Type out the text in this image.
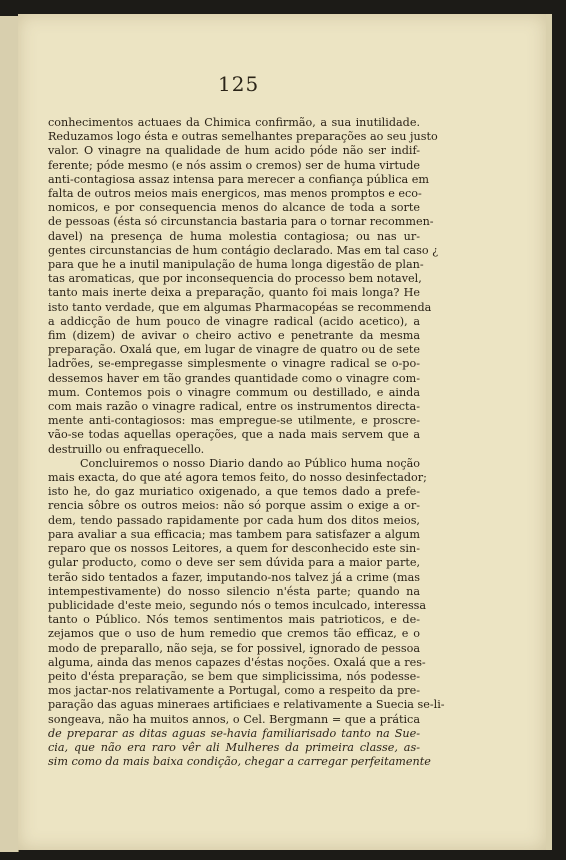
125
conhecimentos actuaes da Chimica confirmão, a sua inutilidade.
Reduzamos logo ésta e outras semelhantes preparações ao seu justo
valor. O vinagre na qualidade de hum acido póde não ser indif-
ferente; póde mesmo (e nós assim o cremos) ser de huma virtude
anti-contagiosa assaz intensa para merecer a confiança pública em
falta de outros meios mais energicos, mas menos promptos e eco-
nomicos, e por consequencia menos do alcance de toda a sorte
de pessoas (ésta só circunstancia bastaria para o tornar recommen-
davel) na presença de huma molestia contagiosa; ou nas ur-
gentes circunstancias de hum contágio declarado. Mas em tal caso ¿
para que he a inutil manipulação de huma longa digestão de plan-
tas aromaticas, que por inconsequencia do processo bem notavel,
tanto mais inerte deixa a preparação, quanto foi mais longa? He
isto tanto verdade, que em algumas Pharmacopéas se recommenda
a addicção de hum pouco de vinagre radical (acido acetico), a
fim (dizem) de avivar o cheiro activo e penetrante da mesma
preparação. Oxalá que, em lugar de vinagre de quatro ou de sete
ladrões, se-empregasse simplesmente o vinagre radical se o-po-
dessemos haver em tão grandes quantidade como o vinagre com-
mum. Contemos pois o vinagre commum ou destillado, e ainda
com mais razão o vinagre radical, entre os instrumentos directa-
mente anti-contagiosos: mas empregue-se utilmente, e proscre-
vão-se todas aquellas operações, que a nada mais servem que a
destruillo ou enfraquecello.
Concluiremos o nosso Diario dando ao Público huma noção
mais exacta, do que até agora temos feito, do nosso desinfectador;
isto he, do gaz muriatico oxigenado, a que temos dado a prefe-
rencia sôbre os outros meios: não só porque assim o exige a or-
dem, tendo passado rapidamente por cada hum dos ditos meios,
para avaliar a sua efficacia; mas tambem para satisfazer a algum
reparo que os nossos Leitores, a quem for desconhecido este sin-
gular producto, como o deve ser sem dúvida para a maior parte,
terão sido tentados a fazer, imputando-nos talvez já a crime (mas
intempestivamente) do nosso silencio n'ésta parte; quando na
publicidade d'este meio, segundo nós o temos inculcado, interessa
tanto o Público. Nós temos sentimentos mais patrioticos, e de-
zejamos que o uso de hum remedio que cremos tão efficaz, e o
modo de preparallo, não seja, se for possivel, ignorado de pessoa
alguma, ainda das menos capazes d'éstas noções. Oxalá que a res-
peito d'ésta preparação, se bem que simplicissima, nós podesse-
mos jactar-nos relativamente a Portugal, como a respeito da pre-
paração das aguas mineraes artificiaes e relativamente a Suecia se-li-
songeava, não ha muitos annos, o Cel. Bergmann = que a prática
de preparar as ditas aguas se-havia familiarisado tanto na Sue-
cia, que não era raro vêr ali Mulheres da primeira classe, as-
sim como da mais baixa condição, chegar a carregar perfeitamente
